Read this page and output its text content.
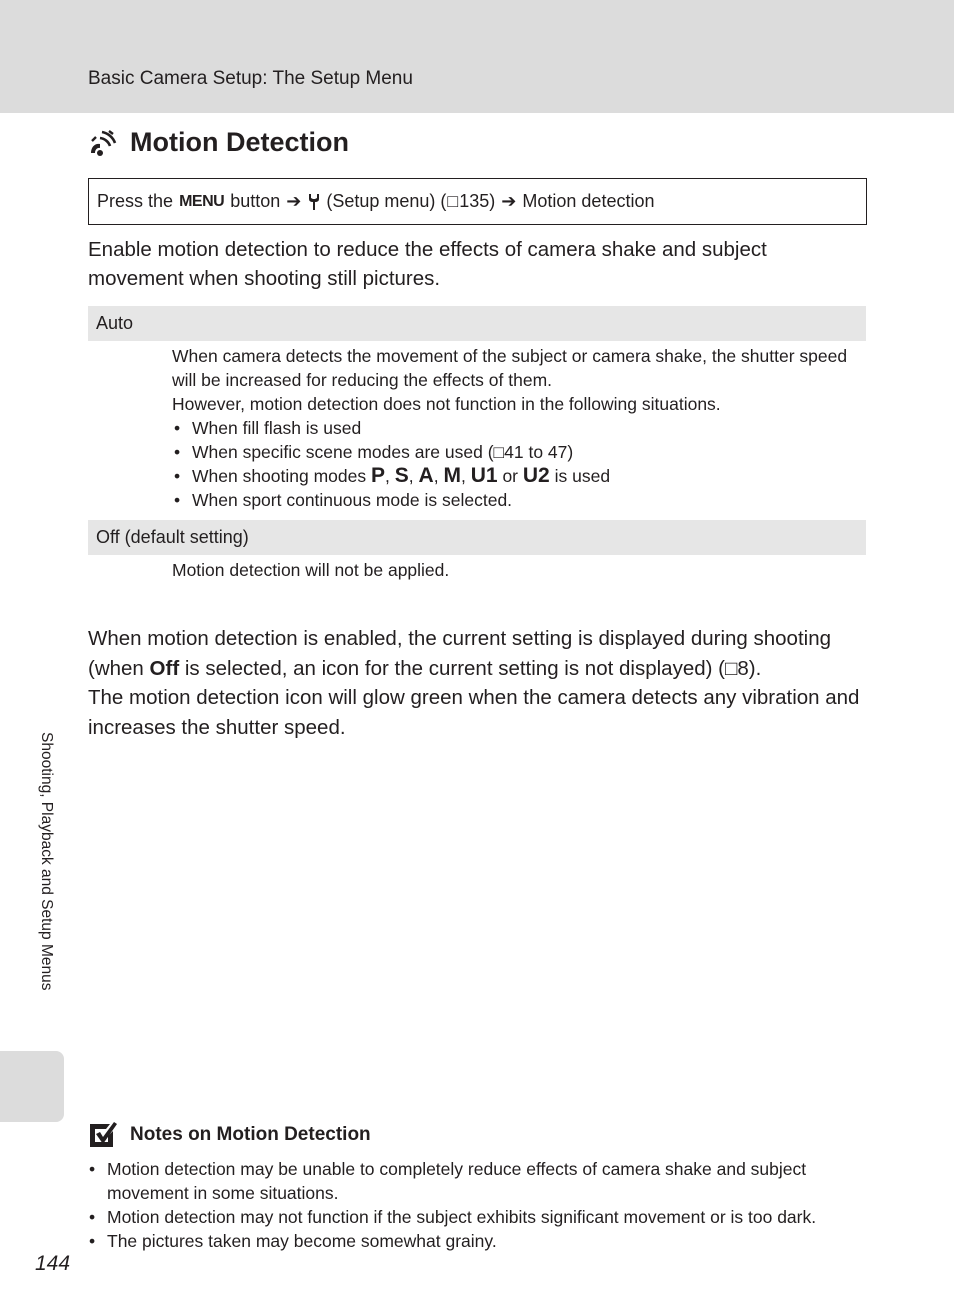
Basic Camera Setup: The Setup Menu
Motion Detection
Press the
MENU
button ➔ (Setup menu) ( □ 135) ➔ Motion detection
Enable motion detection to reduce the effects of camera shake and subject movement when shooting still pictures.
Auto

When camera detects the movement of the subject or camera shake, the shutter speed will be increased for reducing the effects of them.

However, motion detection does not function in the following situations.

• When fill flash is used
• When specific scene modes are used (□41 to 47)
• When shooting modes P, S, A, M, U1 or U2 is used
• When sport continuous mode is selected.
Off (default setting)

Motion detection will not be applied.

When motion detection is enabled, the current setting is displayed during shooting (when Off is selected, an icon for the current setting is not displayed) (□8).

The motion detection icon will glow green when the camera detects any vibration and increases the shutter speed.

Shooting, Playback and Setup Menus
Notes on Motion Detection
• Motion detection may be unable to completely reduce effects of camera shake and subject movement in some situations.
• Motion detection may not function if the subject exhibits significant movement or is too dark.
• The pictures taken may become somewhat grainy.
144
